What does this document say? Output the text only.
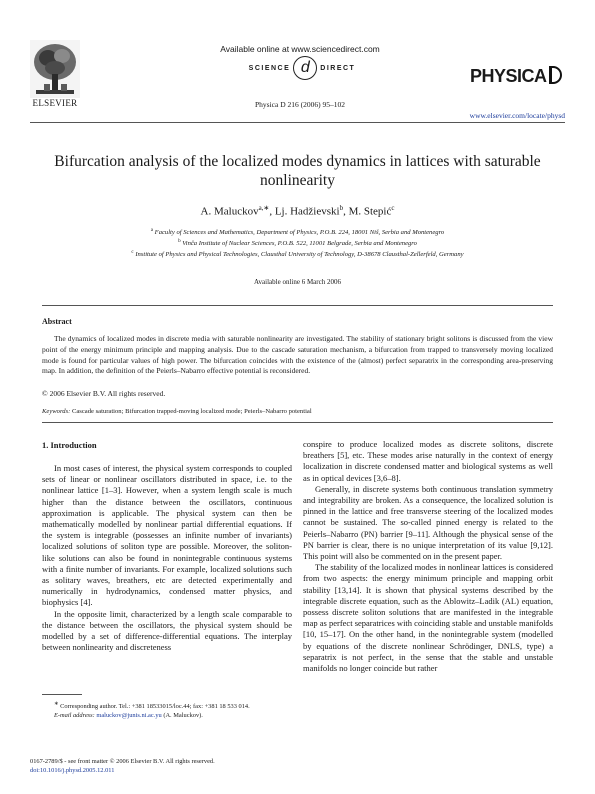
ELSEVIER
Available online at www.sciencedirect.com
SCIENCE d DIRECT
Physica D 216 (2006) 95–102
PHYSICA
www.elsevier.com/locate/physd
Bifurcation analysis of the localized modes dynamics in lattices with saturable nonlinearity
A. Maluckov$^{a,∗}$, Lj. Hadžievski$^b$, M. Stepić$^c$
$^a$ Faculty of Sciences and Mathematics, Department of Physics, P.O.B. 224, 18001 Niš, Serbia and Montenegro
$^b$ Vinča Institute of Nuclear Sciences, P.O.B. 522, 11001 Belgrade, Serbia and Montenegro
$^c$ Institute of Physics and Physical Technologies, Clausthal University of Technology, D-38678 Clausthal-Zellerfeld, Germany
Available online 6 March 2006
Abstract

The dynamics of localized modes in discrete media with saturable nonlinearity are investigated. The stability of stationary bright solitons is discussed from the view point of the energy minimum principle and mapping analysis. Due to the cascade saturation mechanism, a bifurcation from trapped to transversely moving localized mode is found for particular values of high power. The bifurcation coincides with the existence of the (almost) perfect separatrix in the corresponding area-preserving map. In addition, the definition of the Peierls–Nabarro effective potential is reconsidered.

© 2006 Elsevier B.V. All rights reserved.
Keywords: Cascade saturation; Bifurcation trapped-moving localized mode; Peierls–Nabarro potential
1. Introduction

In most cases of interest, the physical system corresponds to coupled sets of linear or nonlinear oscillators distributed in space, i.e. to the nonlinear lattice [1–3]. However, when a system length scale is much higher than the distance between the oscillators, continuous approximation is applicable. The physical system can then be mathematically modelled by nonlinear partial differential equations. If the system is integrable (possesses an infinite number of invariants) localized solutions of soliton type are possible. Moreover, the soliton-like solutions can also be found in nonintegrable continuous systems with a finite number of invariants. For example, localized solutions such as solitary waves, breathers, etc are detected experimentally and numerically in hydrodynamics, condensed matter physics, and biophysics [4].

In the opposite limit, characterized by a length scale comparable to the distance between the oscillators, the physical system should be modelled by a set of difference-differential equations. The interplay between nonlinearity and discreteness

conspire to produce localized modes as discrete solitons, discrete breathers [5], etc. These modes arise naturally in the context of energy localization in discrete condensed matter and biological systems as well as in optical devices [3,6–8].

Generally, in discrete systems both continuous translation symmetry and integrability are broken. As a consequence, the localized solution is pinned in the lattice and free transverse steering of the localized modes cannot be sustained. The so-called pinned energy is related to the Peierls–Nabarro (PN) barrier [9–11]. Although the physical sense of the PN barrier is clear, there is no unique interpretation of its value [9,12]. This point will also be commented on in the present paper.

The stability of the localized modes in nonlinear lattices is considered from two aspects: the energy minimum principle and mapping orbit stability [13,14]. It is shown that physical systems described by the integrable discrete equation, such as the Ablowitz–Ladik (AL) equation, possess discrete soliton solutions that are manifested in the integrable map as perfect separatrices with coinciding stable and unstable manifolds [10, 15–17]. On the other hand, in the nonintegrable system (modelled by equations of the discrete nonlinear Schrödinger, DNLS, type) a separatrix is not perfect, in the sense that the stable and unstable manifolds no longer coincide but rather

∗ Corresponding author. Tel.: +381 18533015/loc.44; fax: +381 18 533 014.
E-mail address: maluckov@junis.ni.ac.yu (A. Maluckov).
0167-2789/$ - see front matter © 2006 Elsevier B.V. All rights reserved.
doi:10.1016/j.physd.2005.12.011
